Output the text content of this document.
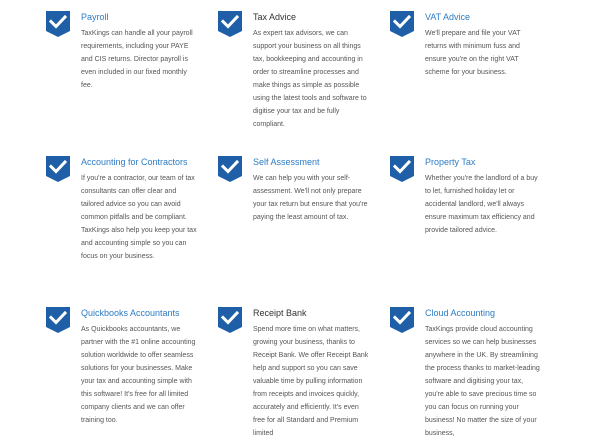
Payroll

TaxKings can handle all your payroll requirements, including your PAYE and CIS returns. Director payroll is even included in our fixed monthly fee.

Tax Advice

As expert tax advisors, we can support your business on all things tax, bookkeeping and accounting in order to streamline processes and make things as simple as possible using the latest tools and software to digitise your tax and be fully compliant.

VAT Advice

We'll prepare and file your VAT returns with minimum fuss and ensure you're on the right VAT scheme for your business.

Accounting for Contractors

If you're a contractor, our team of tax consultants can offer clear and tailored advice so you can avoid common pitfalls and be compliant. TaxKings also help you keep your tax and accounting simple so you can focus on your business.

Self Assessment

We can help you with your self-assessment. We'll not only prepare your tax return but ensure that you're paying the least amount of tax.

Property Tax

Whether you're the landlord of a buy to let, furnished holiday let or accidental landlord, we'll always ensure maximum tax efficiency and provide tailored advice.

Quickbooks Accountants

As Quickbooks accountants, we partner with the #1 online accounting solution worldwide to offer seamless solutions for your businesses. Make your tax and accounting simple with this software! It's free for all limited company clients and we can offer training too.

Receipt Bank

Spend more time on what matters, growing your business, thanks to Receipt Bank. We offer Receipt Bank help and support so you can save valuable time by pulling information from receipts and invoices quickly, accurately and efficiently. It's even free for all Standard and Premium limited

Cloud Accounting

TaxKings provide cloud accounting services so we can help businesses anywhere in the UK. By streamlining the process thanks to market-leading software and digitising your tax, you're able to save precious time so you can focus on running your business! No matter the size of your business,
